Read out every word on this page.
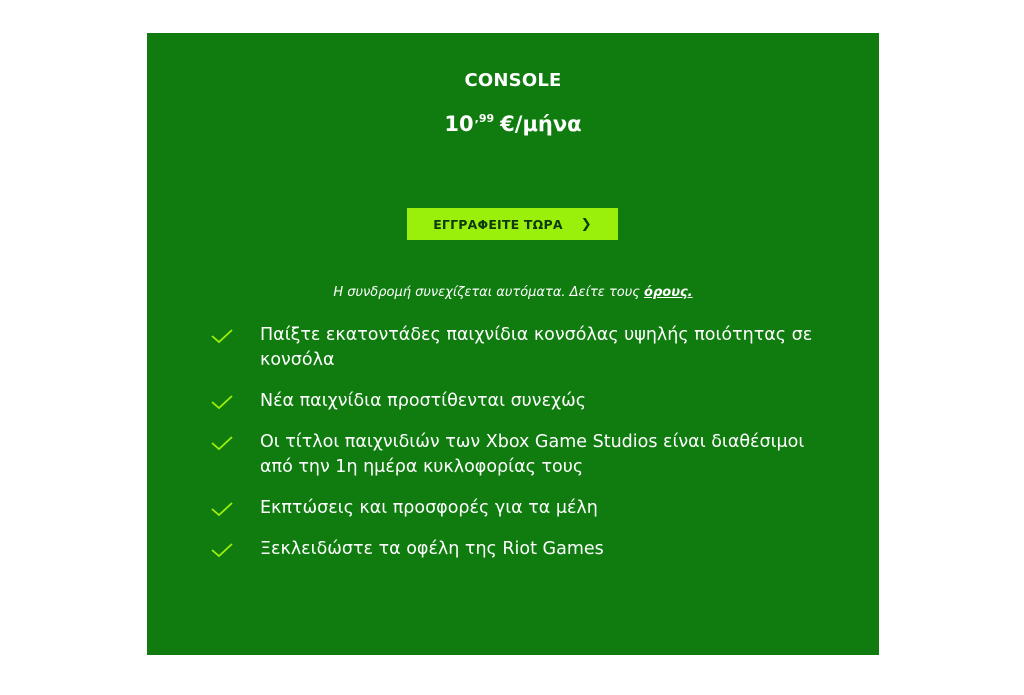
CONSOLE
$10^{,99}$ €/μήνα
ΕΓΓΡΑΦΕΙΤΕ ΤΩΡΑ ❯
Η συνδρομή συνεχίζεται αυτόματα. Δείτε τους όρους.
Παίξτε εκατοντάδες παιχνίδια κονσόλας υψηλής ποιότητας σε κονσόλα
Νέα παιχνίδια προστίθενται συνεχώς
Οι τίτλοι παιχνιδιών των Xbox Game Studios είναι διαθέσιμοι από την 1η ημέρα κυκλοφορίας τους
Εκπτώσεις και προσφορές για τα μέλη
Ξεκλειδώστε τα οφέλη της Riot Games
